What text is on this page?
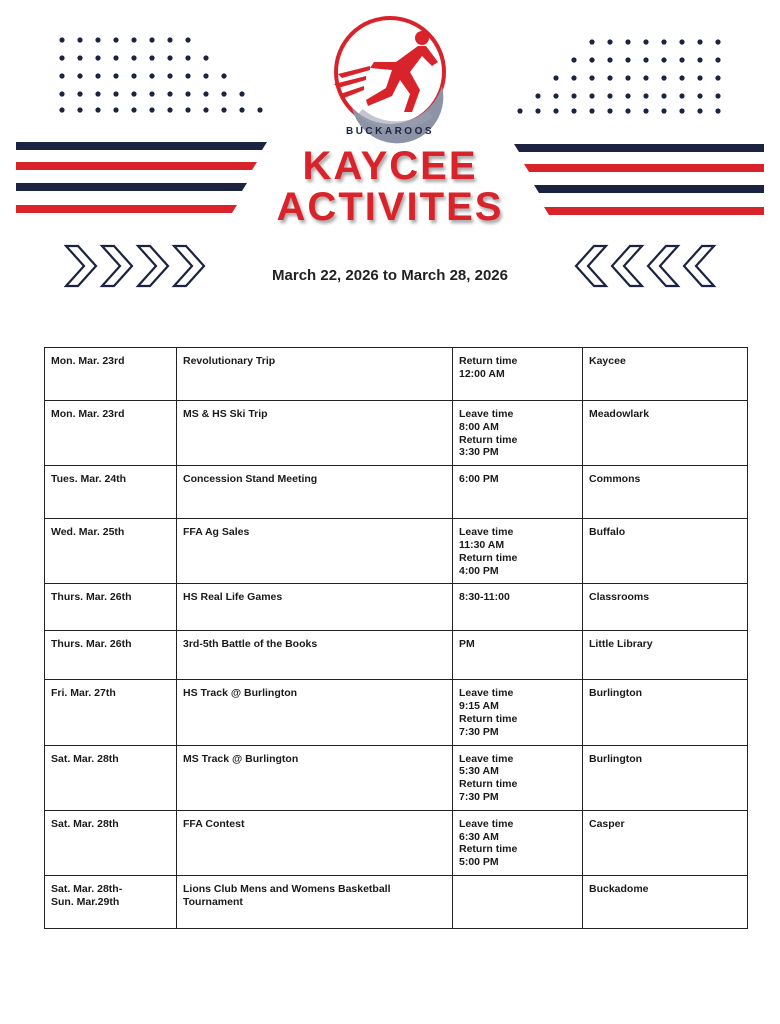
BUCKAROOS
KAYCEE
ACTIVITES
March 22, 2026 to March 28, 2026
Mon. Mar. 23rd	Revolutionary Trip	Return time
12:00 AM	Kaycee

Mon. Mar. 23rd	MS & HS Ski Trip	Leave time
8:00 AM
Return time
3:30 PM	Meadowlark

Tues. Mar. 24th	Concession Stand Meeting	6:00 PM	Commons

Wed. Mar. 25th	FFA Ag Sales	Leave time
11:30 AM
Return time
4:00 PM	Buffalo

Thurs. Mar. 26th	HS Real Life Games	8:30-11:00	Classrooms

Thurs. Mar. 26th	3rd-5th Battle of the Books	PM	Little Library

Fri. Mar. 27th	HS Track @ Burlington	Leave time
9:15 AM
Return time
7:30 PM	Burlington

Sat. Mar. 28th	MS Track @ Burlington	Leave time
5:30 AM
Return time
7:30 PM	Burlington

Sat. Mar. 28th	FFA Contest	Leave time
6:30 AM
Return time
5:00 PM	Casper

Sat. Mar. 28th-
Sun. Mar.29th	Lions Club Mens and Womens Basketball
Tournament		Buckadome
